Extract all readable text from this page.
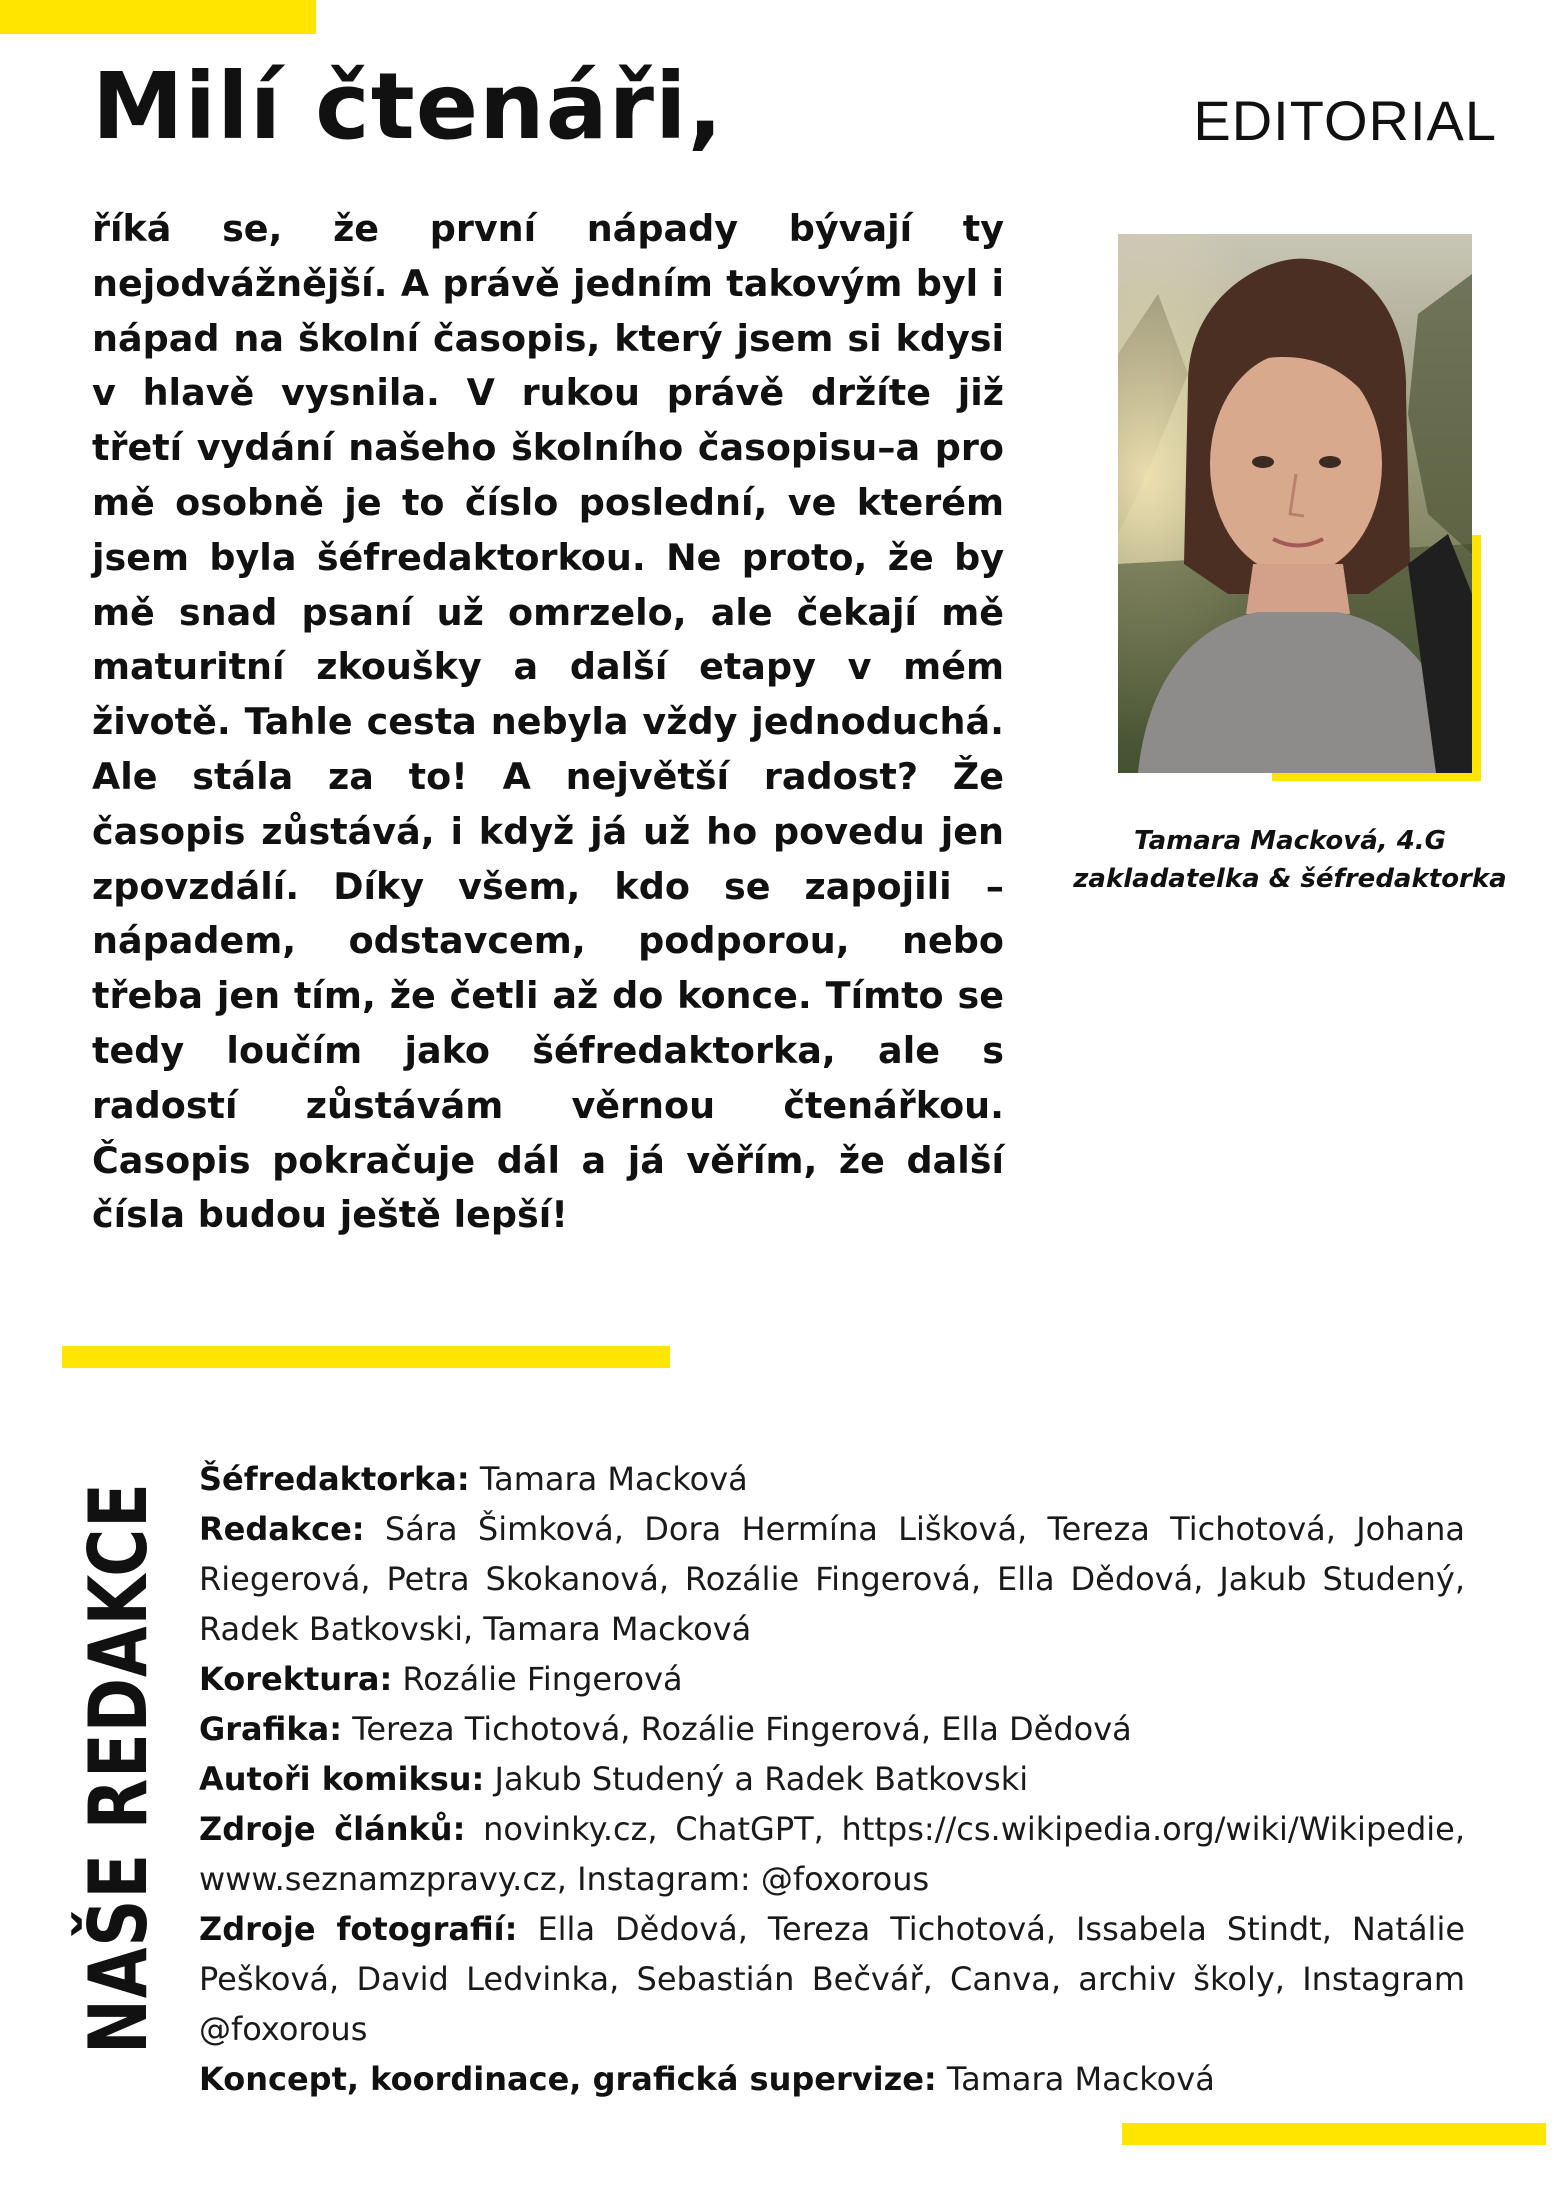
Milí čtenáři,	EDITORIAL

říká se, že první nápady bývají ty nejodvážnější. A právě jedním takovým byl i nápad na školní časopis, který jsem si kdysi v hlavě vysnila. V rukou právě držíte již třetí vydání našeho školního časopisu–a pro mě osobně je to číslo poslední, ve kterém jsem byla šéfredaktorkou. Ne proto, že by mě snad psaní už omrzelo, ale čekají mě maturitní zkoušky a další etapy v mém životě. Tahle cesta nebyla vždy jednoduchá. Ale stála za to! A největší radost? Že časopis zůstává, i když já už ho povedu jen zpovzdálí. Díky všem, kdo se zapojili – nápadem, odstavcem, podporou, nebo třeba jen tím, že četli až do konce. Tímto se tedy loučím jako šéfredaktorka, ale s radostí zůstávám věrnou čtenářkou. Časopis pokračuje dál a já věřím, že další čísla budou ještě lepší!

Tamara Macková, 4.G
zakladatelka & šéfredaktorka
NAŠE REDAKCE
Šéfredaktorka: Tamara Macková
Redakce: Sára Šimková, Dora Hermína Lišková, Tereza Tichotová, Johana Riegerová, Petra Skokanová, Rozálie Fingerová, Ella Dědová, Jakub Studený, Radek Batkovski, Tamara Macková
Korektura: Rozálie Fingerová
Grafika: Tereza Tichotová, Rozálie Fingerová, Ella Dědová
Autoři komiksu: Jakub Studený a Radek Batkovski
Zdroje článků: novinky.cz, ChatGPT, https://cs.wikipedia.org/wiki/Wikipedie, www.seznamzpravy.cz, Instagram: @foxorous
Zdroje fotografií: Ella Dědová, Tereza Tichotová, Issabela Stindt, Natálie Pešková, David Ledvinka, Sebastián Bečvář, Canva, archiv školy, Instagram @foxorous
Koncept, koordinace, grafická supervize: Tamara Macková
